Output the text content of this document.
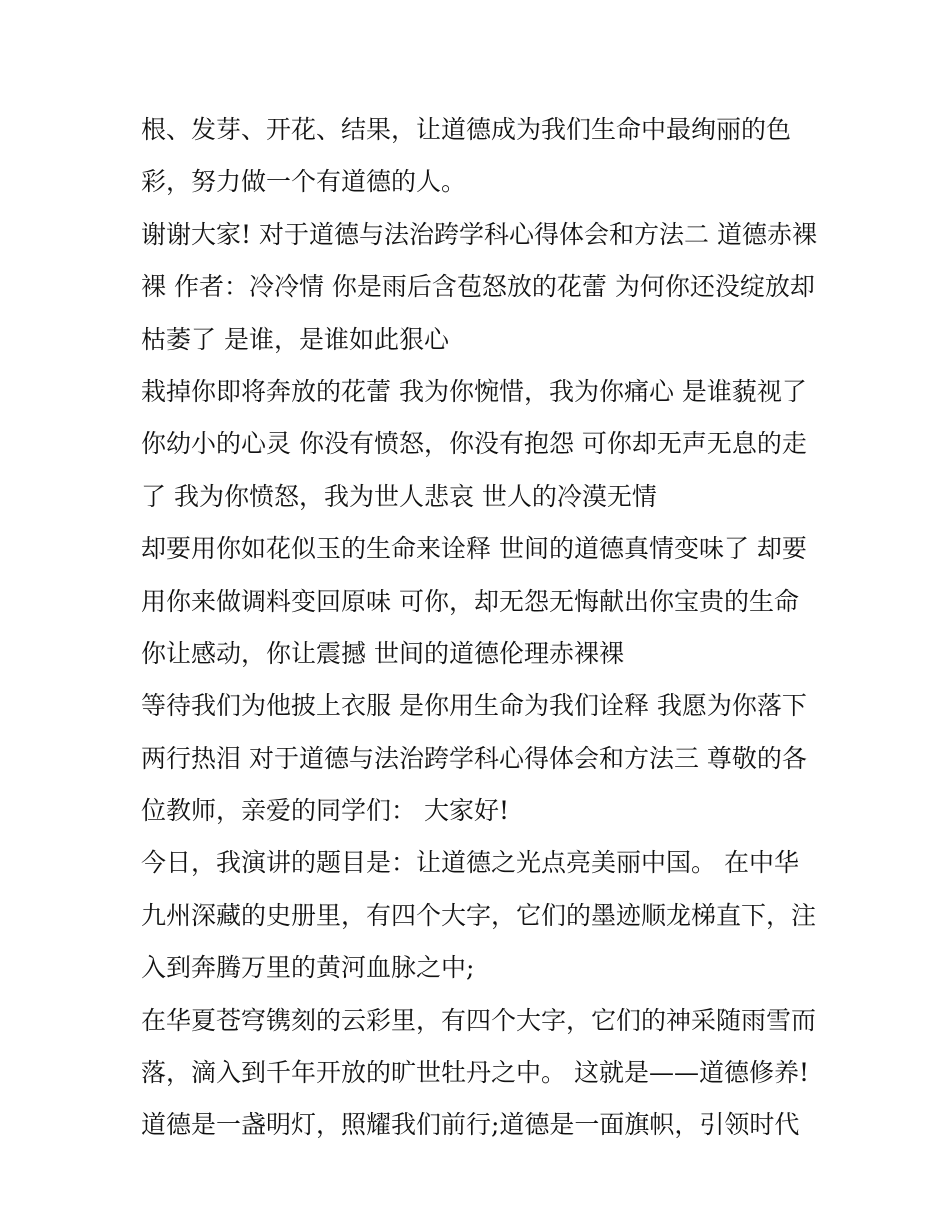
根、发芽、开花、结果，让道德成为我们生命中最绚丽的色
彩，努力做一个有道德的人。
谢谢大家! 对于道德与法治跨学科心得体会和方法二 道德赤裸
裸 作者：冷冷情 你是雨后含苞怒放的花蕾 为何你还没绽放却
枯萎了 是谁，是谁如此狠心
栽掉你即将奔放的花蕾 我为你惋惜，我为你痛心 是谁藐视了
你幼小的心灵 你没有愤怒，你没有抱怨 可你却无声无息的走
了 我为你愤怒，我为世人悲哀 世人的冷漠无情
却要用你如花似玉的生命来诠释 世间的道德真情变味了 却要
用你来做调料变回原味 可你，却无怨无悔献出你宝贵的生命
你让感动，你让震撼 世间的道德伦理赤裸裸
等待我们为他披上衣服 是你用生命为我们诠释 我愿为你落下
两行热泪 对于道德与法治跨学科心得体会和方法三 尊敬的各
位教师，亲爱的同学们： 大家好!
今日，我演讲的题目是：让道德之光点亮美丽中国。 在中华
九州深藏的史册里，有四个大字，它们的墨迹顺龙梯直下，注
入到奔腾万里的黄河血脉之中;
在华夏苍穹镌刻的云彩里，有四个大字，它们的神采随雨雪而
落，滴入到千年开放的旷世牡丹之中。 这就是——道德修养!
道德是一盏明灯，照耀我们前行;道德是一面旗帜，引领时代
